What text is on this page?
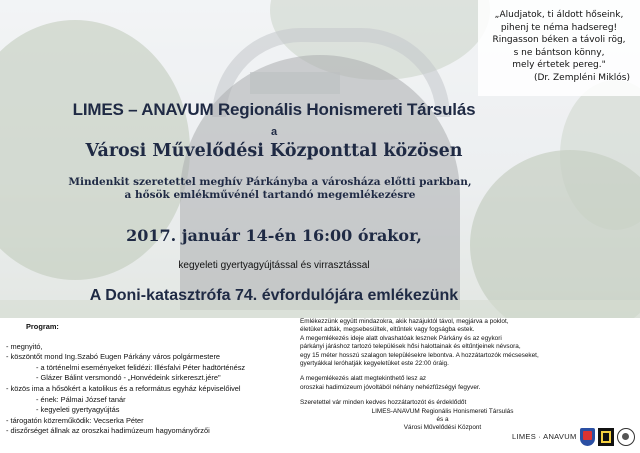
„Aludjatok, ti áldott hőseink,
pihenj te néma hadsereg!
Ringasson béken a távoli rög,
s ne bántson könny,
mely értetek pereg."
(Dr. Zempléni Miklós)
LIMES – ANAVUM Regionális Honismereti Társulás
a
Városi Művelődési Központtal közösen
Mindenkit szeretettel meghív Párkányba a városháza előtti parkban,
a hősök emlékművénél tartandó megemlékezésre
2017. január 14-én 16:00 órakor,
kegyeleti gyertyagyújtással és virrasztással
A Doni-katasztrófa 74. évfordulójára emlékezünk
Program:
- megnyitó,
- köszöntőt mond Ing.Szabó Eugen Párkány város polgármestere
- a történelmi eseményeket felidézi: Illésfalvi Péter hadtörténész
- Glázer Bálint versmondó - „Honvédeink sírkereszt.jére"
- közös ima a hősökért a katolikus és a református egyház képviselőivel
- ének: Pálmai József tanár
- kegyeleti gyertyagyújtás
- tárogatón közreműködik: Vecserka Péter
- diszőrséget állnak az oroszkai hadimúzeum hagyományőrzői
Emlékezzünk együtt mindazokra, akik hazájuktól távol, megjárva a poklot,
életüket adták, megsebesültek, eltűntek vagy fogságba estek.
A megemlékezés ideje alatt olvashatóak lesznek Párkány és az egykori
párkányi járáshoz tartozó települések hősi halottainak és eltűntjeinek névsora,
egy 15 méter hosszú szalagon településekre lebontva. A hozzátartozók mécseseket,
gyertyákkal leróhatják kegyeletüket este 22:00 óráig.
A megemlékezés alatt megtekinthető lesz az
oroszkai hadimúzeum jóvoltából néhány nehézfűzségyi fegyver.
Szeretettel vár minden kedves hozzátartozót és érdeklődőt
LIMES-ANAVUM Regionális Honismereti Társulás
és a
Városi Művelődési Központ
LIMES · ANAVUM
